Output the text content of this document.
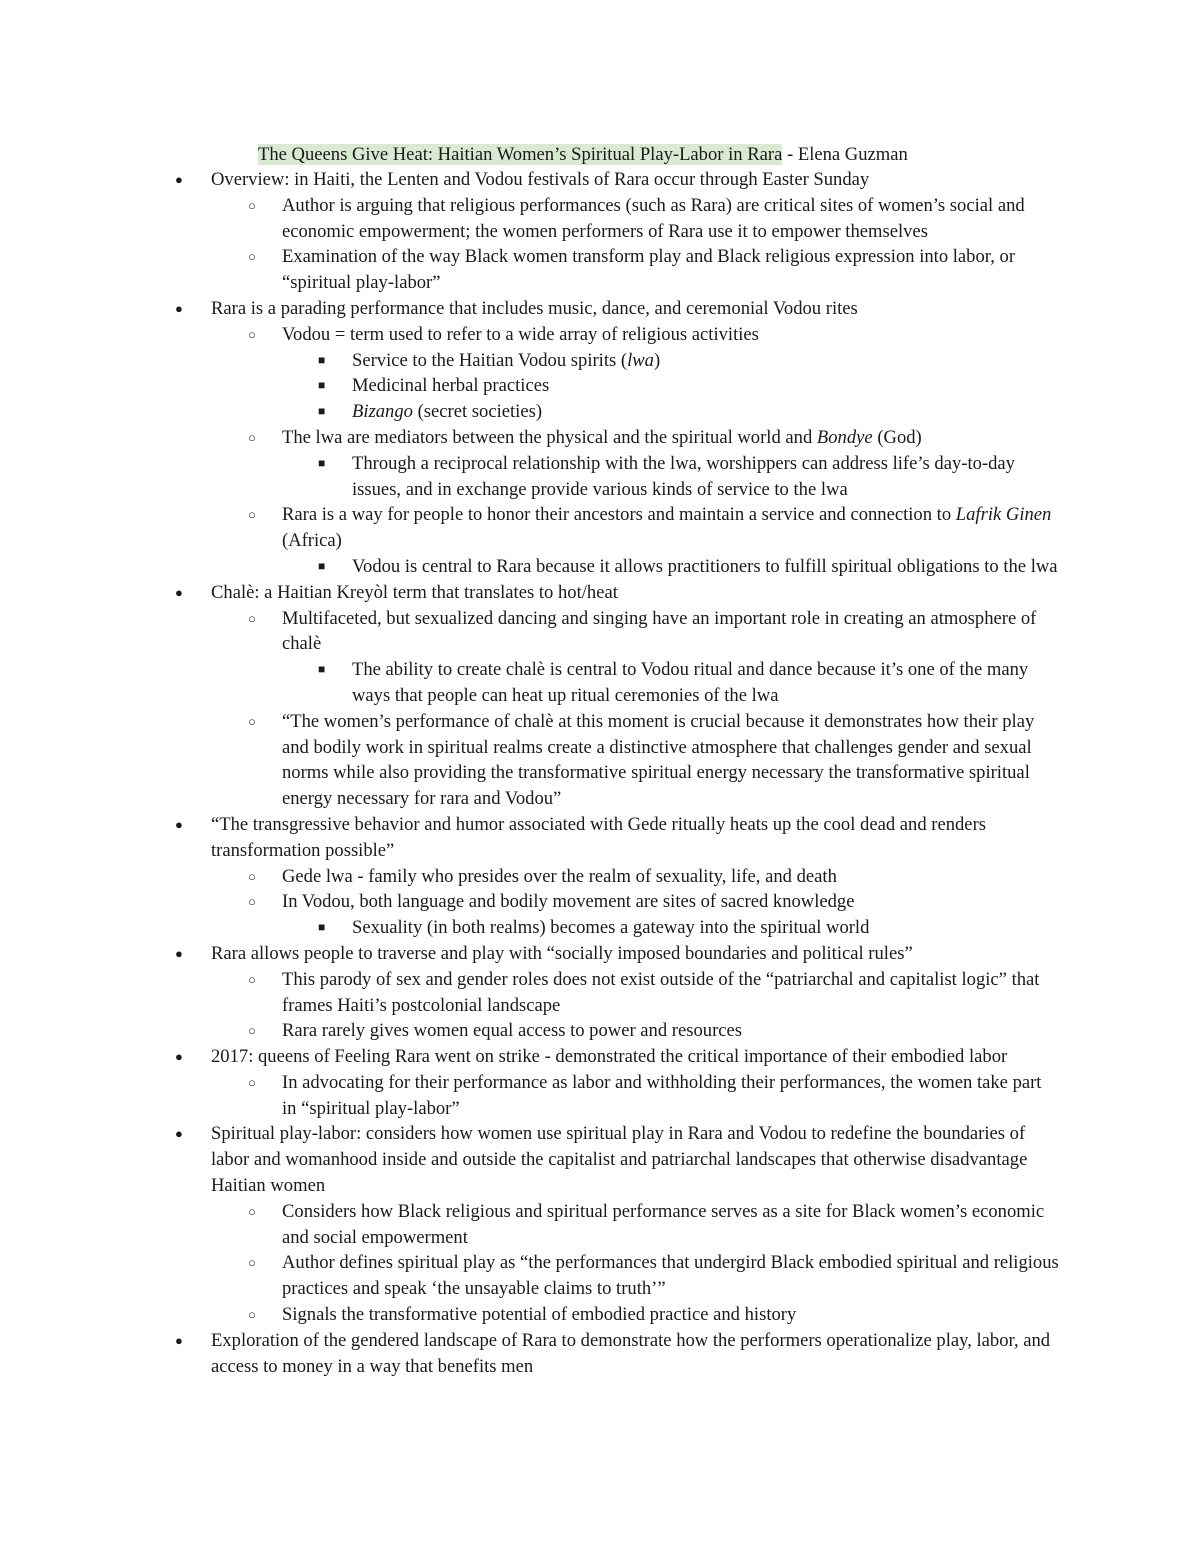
The Queens Give Heat: Haitian Women’s Spiritual Play-Labor in Rara - Elena Guzman
● Overview: in Haiti, the Lenten and Vodou festivals of Rara occur through Easter Sunday
○ Author is arguing that religious performances (such as Rara) are critical sites of women’s social and economic empowerment; the women performers of Rara use it to empower themselves
○ Examination of the way Black women transform play and Black religious expression into labor, or “spiritual play-labor”
● Rara is a parading performance that includes music, dance, and ceremonial Vodou rites
○ Vodou = term used to refer to a wide array of religious activities
■ Service to the Haitian Vodou spirits (lwa)
■ Medicinal herbal practices
■ Bizango (secret societies)
○ The lwa are mediators between the physical and the spiritual world and Bondye (God)
■ Through a reciprocal relationship with the lwa, worshippers can address life’s day-to-day issues, and in exchange provide various kinds of service to the lwa
○ Rara is a way for people to honor their ancestors and maintain a service and connection to Lafrik Ginen (Africa)
■ Vodou is central to Rara because it allows practitioners to fulfill spiritual obligations to the lwa
● Chalè: a Haitian Kreyòl term that translates to hot/heat
○ Multifaceted, but sexualized dancing and singing have an important role in creating an atmosphere of chalè
■ The ability to create chalè is central to Vodou ritual and dance because it’s one of the many ways that people can heat up ritual ceremonies of the lwa
○ “The women’s performance of chalè at this moment is crucial because it demonstrates how their play and bodily work in spiritual realms create a distinctive atmosphere that challenges gender and sexual norms while also providing the transformative spiritual energy necessary the transformative spiritual energy necessary for rara and Vodou”
● “The transgressive behavior and humor associated with Gede ritually heats up the cool dead and renders transformation possible”
○ Gede lwa - family who presides over the realm of sexuality, life, and death
○ In Vodou, both language and bodily movement are sites of sacred knowledge
■ Sexuality (in both realms) becomes a gateway into the spiritual world
● Rara allows people to traverse and play with “socially imposed boundaries and political rules”
○ This parody of sex and gender roles does not exist outside of the “patriarchal and capitalist logic” that frames Haiti’s postcolonial landscape
○ Rara rarely gives women equal access to power and resources
● 2017: queens of Feeling Rara went on strike - demonstrated the critical importance of their embodied labor
○ In advocating for their performance as labor and withholding their performances, the women take part in “spiritual play-labor”
● Spiritual play-labor: considers how women use spiritual play in Rara and Vodou to redefine the boundaries of labor and womanhood inside and outside the capitalist and patriarchal landscapes that otherwise disadvantage Haitian women
○ Considers how Black religious and spiritual performance serves as a site for Black women’s economic and social empowerment
○ Author defines spiritual play as “the performances that undergird Black embodied spiritual and religious practices and speak ‘the unsayable claims to truth’”
○ Signals the transformative potential of embodied practice and history
● Exploration of the gendered landscape of Rara to demonstrate how the performers operationalize play, labor, and access to money in a way that benefits men
